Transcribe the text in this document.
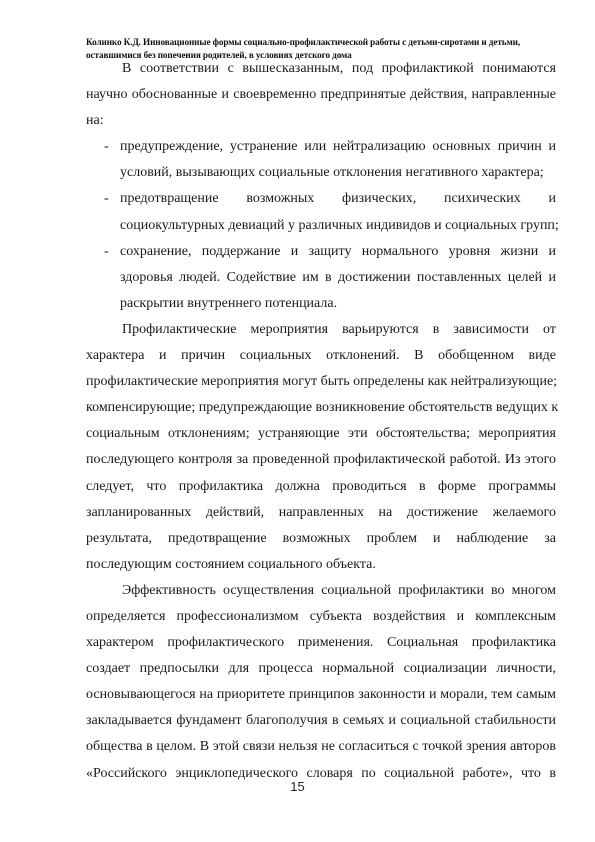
Колинко К.Д. Инновационные формы социально-профилактической работы с детьми-сиротами и детьми,
оставшимися без попечения родителей, в условиях детского дома
В соответствии с вышесказанным, под профилактикой понимаются
научно обоснованные и своевременно предпринятые действия, направленные
на:
- предупреждение, устранение или нейтрализацию основных причин и
условий, вызывающих социальные отклонения негативного характера;
- предотвращение возможных физических, психических и
социокультурных девиаций у различных индивидов и социальных групп;
- сохранение, поддержание и защиту нормального уровня жизни и
здоровья людей. Содействие им в достижении поставленных целей и
раскрытии внутреннего потенциала.
Профилактические мероприятия варьируются в зависимости от
характера и причин социальных отклонений. В обобщенном виде
профилактические мероприятия могут быть определены как нейтрализующие;
компенсирующие; предупреждающие возникновение обстоятельств ведущих к
социальным отклонениям; устраняющие эти обстоятельства; мероприятия
последующего контроля за проведенной профилактической работой. Из этого
следует, что профилактика должна проводиться в форме программы
запланированных действий, направленных на достижение желаемого
результата, предотвращение возможных проблем и наблюдение за
последующим состоянием социального объекта.
Эффективность осуществления социальной профилактики во многом
определяется профессионализмом субъекта воздействия и комплексным
характером профилактического применения. Социальная профилактика
создает предпосылки для процесса нормальной социализации личности,
основывающегося на приоритете принципов законности и морали, тем самым
закладывается фундамент благополучия в семьях и социальной стабильности
общества в целом. В этой связи нельзя не согласиться с точкой зрения авторов
«Российского энциклопедического словаря по социальной работе», что в
15
